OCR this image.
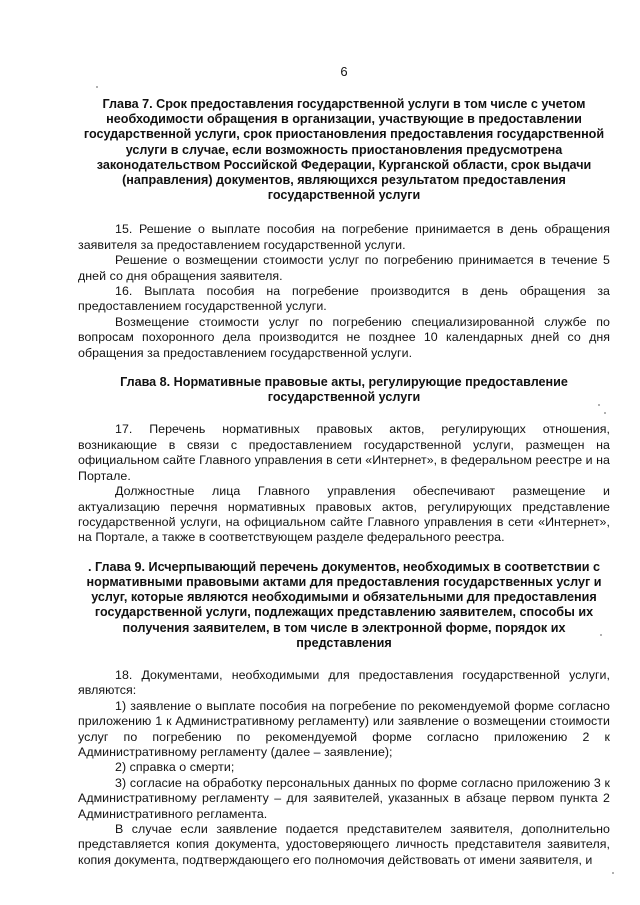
6
Глава 7. Срок предоставления государственной услуги в том числе с учетом необходимости обращения в организации, участвующие в предоставлении государственной услуги, срок приостановления предоставления государственной услуги в случае, если возможность приостановления предусмотрена законодательством Российской Федерации, Курганской области, срок выдачи (направления) документов, являющихся результатом предоставления государственной услуги

15. Решение о выплате пособия на погребение принимается в день обращения заявителя за предоставлением государственной услуги.

Решение о возмещении стоимости услуг по погребению принимается в течение 5 дней со дня обращения заявителя.

16. Выплата пособия на погребение производится в день обращения за предоставлением государственной услуги.

Возмещение стоимости услуг по погребению специализированной службе по вопросам похоронного дела производится не позднее 10 календарных дней со дня обращения за предоставлением государственной услуги.

Глава 8. Нормативные правовые акты, регулирующие предоставление государственной услуги

17. Перечень нормативных правовых актов, регулирующих отношения, возникающие в связи с предоставлением государственной услуги, размещен на официальном сайте Главного управления в сети «Интернет», в федеральном реестре и на Портале.

Должностные лица Главного управления обеспечивают размещение и актуализацию перечня нормативных правовых актов, регулирующих представление государственной услуги, на официальном сайте Главного управления в сети «Интернет», на Портале, а также в соответствующем разделе федерального реестра.

. Глава 9. Исчерпывающий перечень документов, необходимых в соответствии с нормативными правовыми актами для предоставления государственных услуг и услуг, которые являются необходимыми и обязательными для предоставления государственной услуги, подлежащих представлению заявителем, способы их получения заявителем, в том числе в электронной форме, порядок их представления

18. Документами, необходимыми для предоставления государственной услуги, являются:

1) заявление о выплате пособия на погребение по рекомендуемой форме согласно приложению 1 к Административному регламенту) или заявление о возмещении стоимости услуг по погребению по рекомендуемой форме согласно приложению 2 к Административному регламенту (далее – заявление);

2) справка о смерти;

3) согласие на обработку персональных данных по форме согласно приложению 3 к Административному регламенту – для заявителей, указанных в абзаце первом пункта 2 Административного регламента.

В случае если заявление подается представителем заявителя, дополнительно представляется копия документа, удостоверяющего личность представителя заявителя, копия документа, подтверждающего его полномочия действовать от имени заявителя, и
